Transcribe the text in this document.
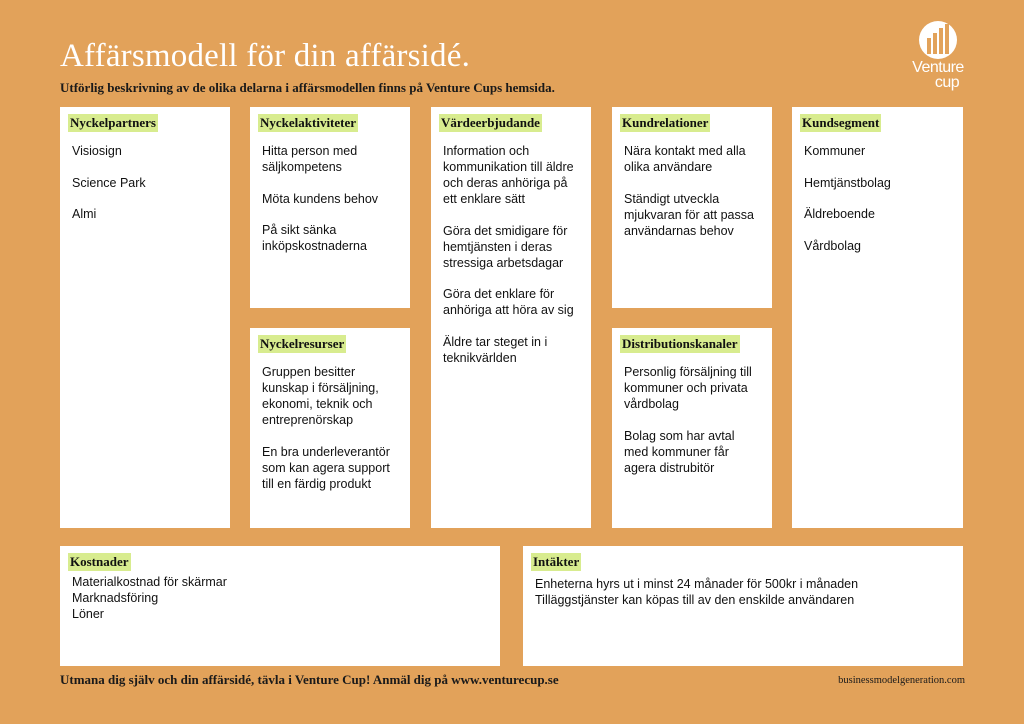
Affärsmodell för din affärsidé.
Utförlig beskrivning av de olika delarna i affärsmodellen finns på Venture Cups hemsida.
Venture
cup
Nyckelpartners
Visiosign
Science Park
Almi
Nyckelaktiviteter
Hitta person med
säljkompetens
Möta kundens behov
På sikt sänka
inköpskostnaderna
Nyckelresurser
Gruppen besitter
kunskap i försäljning,
ekonomi, teknik och
entreprenörskap
En bra underleverantör
som kan agera support
till en färdig produkt
Värdeerbjudande
Information och
kommunikation till äldre
och deras anhöriga på
ett enklare sätt
Göra det smidigare för
hemtjänsten i deras
stressiga arbetsdagar
Göra det enklare för
anhöriga att höra av sig
Äldre tar steget in i
teknikvärlden
Kundrelationer
Nära kontakt med alla
olika användare
Ständigt utveckla
mjukvaran för att passa
användarnas behov
Distributionskanaler
Personlig försäljning till
kommuner och privata
vårdbolag
Bolag som har avtal
med kommuner får
agera distrubitör
Kundsegment
Kommuner
Hemtjänstbolag
Äldreboende
Vårdbolag
Kostnader
Materialkostnad för skärmar
Marknadsföring
Löner
Intäkter
Enheterna hyrs ut i minst 24 månader för 500kr i månaden
Tilläggstjänster kan köpas till av den enskilde användaren
Utmana dig själv och din affärsidé, tävla i Venture Cup! Anmäl dig på www.venturecup.se	businessmodelgeneration.com
